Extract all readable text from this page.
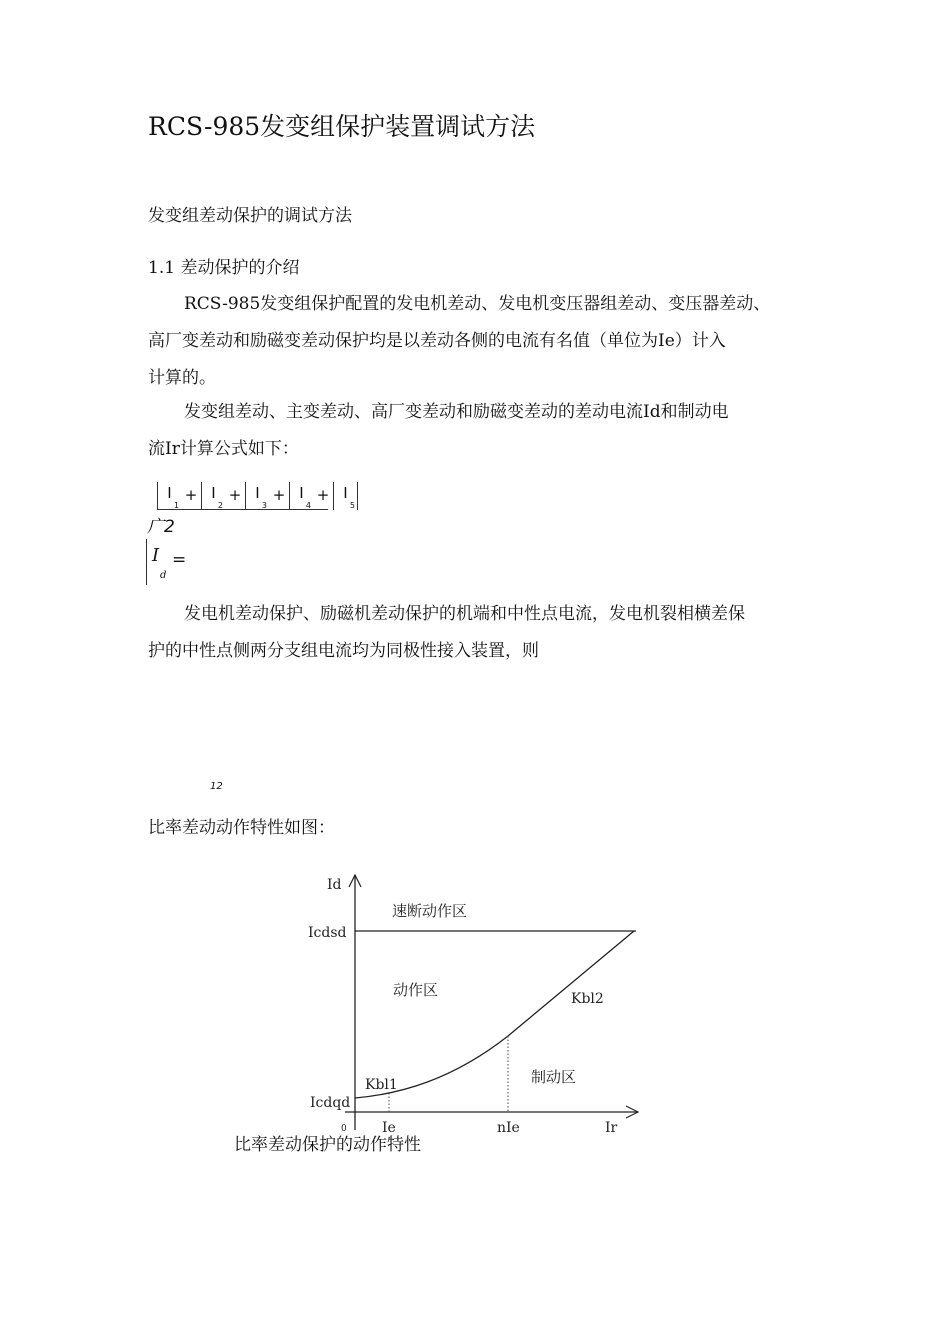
RCS-985发变组保护装置调试方法
发变组差动保护的调试方法
1.1 差动保护的介绍
RCS-985发变组保护配置的发电机差动、发电机变压器组差动、变压器差动、
高厂变差动和励磁变差动保护均是以差动各侧的电流有名值（单位为Ie）计入
计算的。
发变组差动、主变差动、高厂变差动和励磁变差动的差动电流Id和制动电
流Ir计算公式如下：
I
1
+ I
2
+ I
3
+ I
4
+ I
5
广2
I
d
=
发电机差动保护、励磁机差动保护的机端和中性点电流，发电机裂相横差保
护的中性点侧两分支组电流均为同极性接入装置，则
12
比率差动动作特性如图：
Id
Ir
0
Icdsd
Icdqd
Ie	nIe
速断动作区
动作区
制动区
Kbl1
Kbl2
比率差动保护的动作特性
